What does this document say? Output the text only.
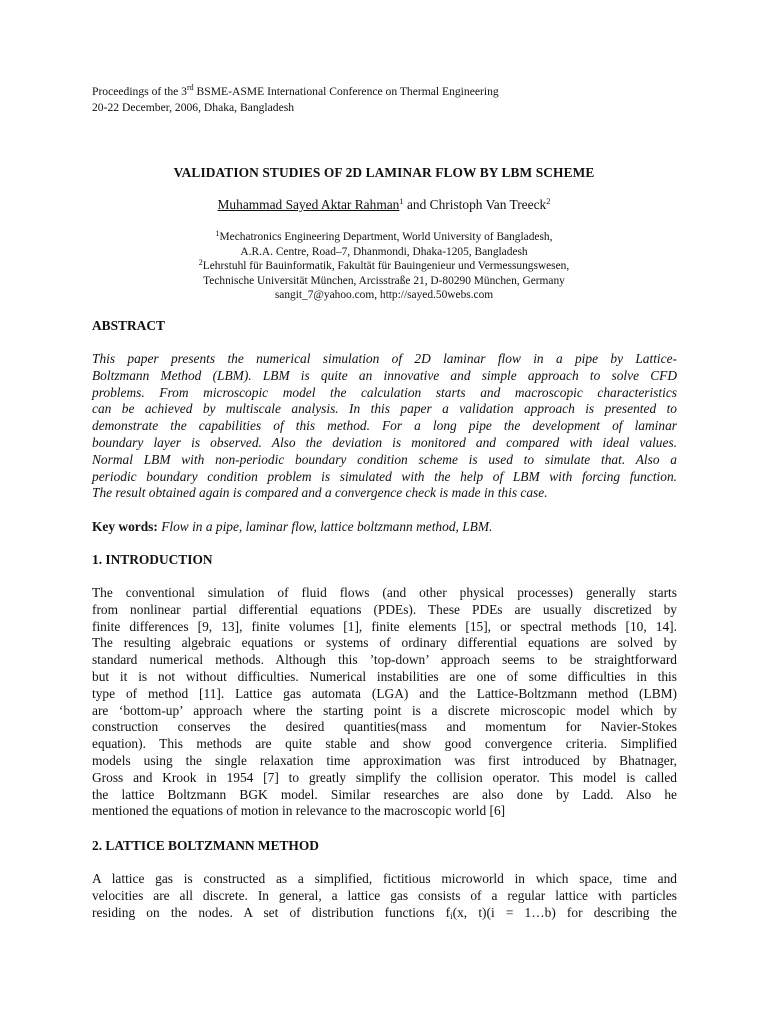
Proceedings of the 3rd BSME-ASME International Conference on Thermal Engineering
20-22 December, 2006, Dhaka, Bangladesh
VALIDATION STUDIES OF 2D LAMINAR FLOW BY LBM SCHEME
Muhammad Sayed Aktar Rahman$^1$ and Christoph Van Treeck$^2$
$^1$Mechatronics Engineering Department, World University of Bangladesh,
A.R.A. Centre, Road–7, Dhanmondi, Dhaka-1205, Bangladesh
$^2$Lehrstuhl für Bauinformatik, Fakultät für Bauingenieur und Vermessungswesen,
Technische Universität München, Arcisstraße 21, D-80290 München, Germany
sangit_7@yahoo.com, http://sayed.50webs.com
ABSTRACT
This paper presents the numerical simulation of 2D laminar flow in a pipe by Lattice-
Boltzmann Method (LBM). LBM is quite an innovative and simple approach to solve CFD
problems. From microscopic model the calculation starts and macroscopic characteristics
can be achieved by multiscale analysis. In this paper a validation approach is presented to
demonstrate the capabilities of this method. For a long pipe the development of laminar
boundary layer is observed. Also the deviation is monitored and compared with ideal values.
Normal LBM with non-periodic boundary condition scheme is used to simulate that. Also a
periodic boundary condition problem is simulated with the help of LBM with forcing function.
The result obtained again is compared and a convergence check is made in this case.
Key words: Flow in a pipe, laminar flow, lattice boltzmann method, LBM.
1. INTRODUCTION
The conventional simulation of fluid flows (and other physical processes) generally starts
from nonlinear partial differential equations (PDEs). These PDEs are usually discretized by
finite differences [9, 13], finite volumes [1], finite elements [15], or spectral methods [10, 14].
The resulting algebraic equations or systems of ordinary differential equations are solved by
standard numerical methods. Although this ’top-down’ approach seems to be straightforward
but it is not without difficulties. Numerical instabilities are one of some difficulties in this
type of method [11]. Lattice gas automata (LGA) and the Lattice-Boltzmann method (LBM)
are ‘bottom-up’ approach where the starting point is a discrete microscopic model which by
construction conserves the desired quantities(mass and momentum for Navier-Stokes
equation). This methods are quite stable and show good convergence criteria. Simplified
models using the single relaxation time approximation was first introduced by Bhatnager,
Gross and Krook in 1954 [7] to greatly simplify the collision operator. This model is called
the lattice Boltzmann BGK model. Similar researches are also done by Ladd. Also he
mentioned the equations of motion in relevance to the macroscopic world [6]
2. LATTICE BOLTZMANN METHOD
A lattice gas is constructed as a simplified, fictitious microworld in which space, time and
velocities are all discrete. In general, a lattice gas consists of a regular lattice with particles
residing on the nodes. A set of distribution functions $f_i(x$, t)(i = 1…b) for describing the
